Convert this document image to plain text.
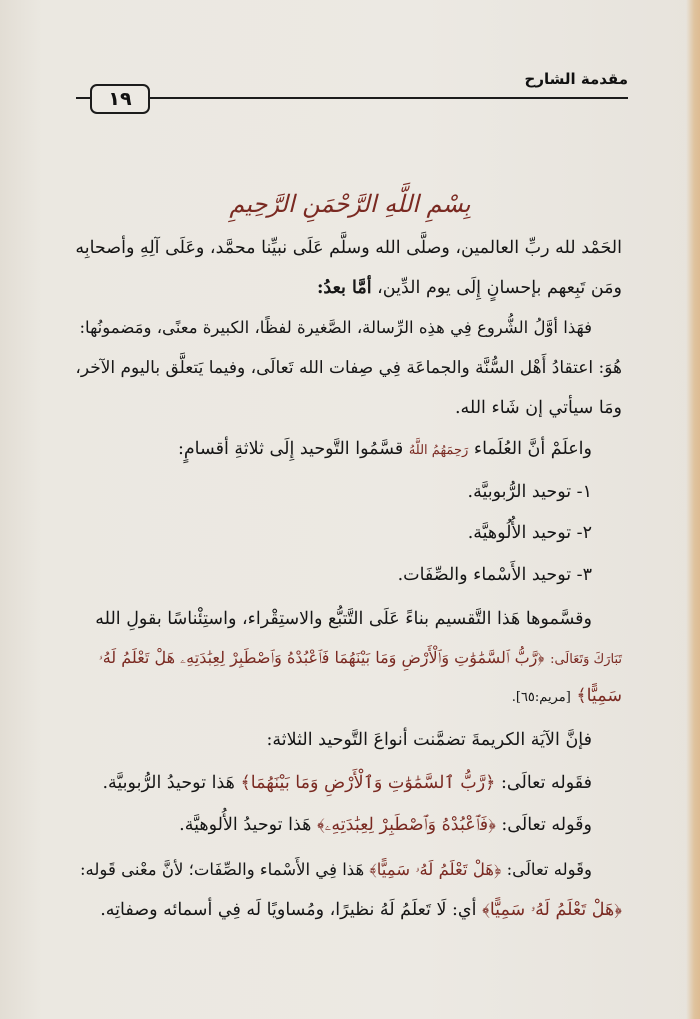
مقدمة الشارح
١٩
بِسْمِ اللَّهِ الرَّحْمَنِ الرَّحِيمِ
الحَمْد لله ربِّ العالمين، وصلَّى الله وسلَّم عَلَى نبيِّنا محمَّد، وعَلَى آلِهِ وأصحابِه
ومَن تَبِعهم بإحسانٍ إِلَى يوم الدِّين، أمَّا بعدُ:
فهَذا أوَّلُ الشُّروع فِي هذِه الرِّسالة، الصَّغيرة لفظًا، الكبيرة معنًى، ومَضمونُها:
هُوَ: اعتقادُ أَهْل السُّنَّة والجماعَة فِي صِفات الله تَعالَى، وفيما يَتعلَّق باليوم الآخر،
ومَا سيأتي إن شَاء الله.
واعلَمْ أنَّ العُلَماء رَحِمَهُمُ اللَّهُ قسَّمُوا التَّوحيد إِلَى ثلاثةِ أقسامٍ:
١- توحيد الرُّبوبيَّة.
٢- توحيد الأُلُوهيَّة.
٣- توحيد الأَسْماء والصِّفَات.
وقسَّموها هَذا التَّقسيم بناءً عَلَى التَّتبُّع والاستِقْراء، واستِئْناسًا بقولِ الله
تَبَارَكَ وَتَعَالَى: ﴿رَّبُّ ٱلسَّمَٰوَٰتِ وَٱلْأَرْضِ وَمَا بَيْنَهُمَا فَٱعْبُدْهُ وَٱصْطَبِرْ لِعِبَٰدَتِهِۦ هَلْ تَعْلَمُ لَهُۥ
سَمِيًّا﴾ [مريم:٦٥].
فإنَّ الآيَة الكريمةَ تضمَّنت أنواعَ التَّوحيد الثلاثة:
فقَوله تعالَى: ﴿رَّبُّ ٱلسَّمَٰوَٰتِ وَٱلْأَرْضِ وَمَا بَيْنَهُمَا﴾ هَذا توحيدُ الرُّبوبيَّة.
وقَوله تعالَى: ﴿فَٱعْبُدْهُ وَٱصْطَبِرْ لِعِبَٰدَتِهِۦ﴾ هَذا توحيدُ الأُلوهيَّة.
وقَوله تعالَى: ﴿هَلْ تَعْلَمُ لَهُۥ سَمِيًّا﴾ هَذا فِي الأَسْماء والصِّفَات؛ لأنَّ معْنى قَوله:
﴿هَلْ تَعْلَمُ لَهُۥ سَمِيًّا﴾ أي: لَا تَعلَمُ لَهُ نظيرًا، ومُساويًا لَه فِي أسمائه وصفاتِه.
